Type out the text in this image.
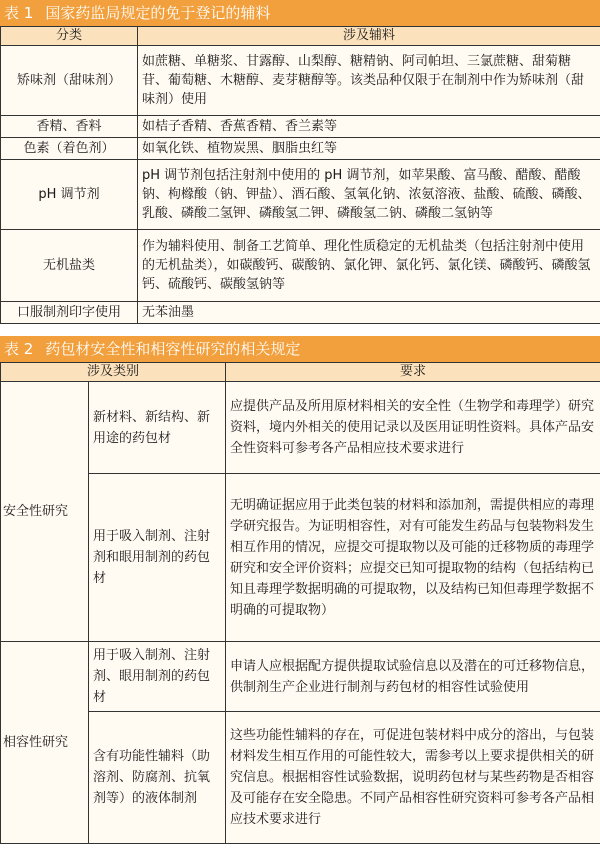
表 1 国家药监局规定的免于登记的辅料
分类	涉及辅料
矫味剂（甜味剂）	如蔗糖、单糖浆、甘露醇、山梨醇、糖精钠、阿司帕坦、三氯蔗糖、甜菊糖苷、葡萄糖、木糖醇、麦芽糖醇等。该类品种仅限于在制剂中作为矫味剂（甜味剂）使用
香精、香料	如桔子香精、香蕉香精、香兰素等
色素（着色剂）	如氧化铁、植物炭黑、胭脂虫红等
pH 调节剂	pH 调节剂包括注射剂中使用的 pH 调节剂，如苹果酸、富马酸、醋酸、醋酸钠、枸橼酸（钠、钾盐）、酒石酸、氢氧化钠、浓氨溶液、盐酸、硫酸、磷酸、乳酸、磷酸二氢钾、磷酸氢二钾、磷酸氢二钠、磷酸二氢钠等
无机盐类	作为辅料使用、制备工艺简单、理化性质稳定的无机盐类（包括注射剂中使用的无机盐类），如碳酸钙、碳酸钠、氯化钾、氯化钙、氯化镁、磷酸钙、磷酸氢钙、硫酸钙、碳酸氢钠等
口服制剂印字使用	无苯油墨
表 2 药包材安全性和相容性研究的相关规定
涉及类别		要求
安全性研究	新材料、新结构、新用途的药包材	应提供产品及所用原材料相关的安全性（生物学和毒理学）研究资料，境内外相关的使用记录以及医用证明性资料。具体产品安全性资料可参考各产品相应技术要求进行
	用于吸入制剂、注射剂和眼用制剂的药包材	无明确证据应用于此类包装的材料和添加剂，需提供相应的毒理学研究报告。为证明相容性，对有可能发生药品与包装物料发生相互作用的情况，应提交可提取物以及可能的迁移物质的毒理学研究和安全评价资料；应提交已知可提取物的结构（包括结构已知且毒理学数据明确的可提取物，以及结构已知但毒理学数据不明确的可提取物）
相容性研究	用于吸入制剂、注射剂、眼用制剂的药包材	申请人应根据配方提供提取试验信息以及潜在的可迁移物信息，供制剂生产企业进行制剂与药包材的相容性试验使用
	含有功能性辅料（助溶剂、防腐剂、抗氧剂等）的液体制剂	这些功能性辅料的存在，可促进包装材料中成分的溶出，与包装材料发生相互作用的可能性较大，需参考以上要求提供相关的研究信息。根据相容性试验数据，说明药包材与某些药物是否相容及可能存在安全隐患。不同产品相容性研究资料可参考各产品相应技术要求进行
